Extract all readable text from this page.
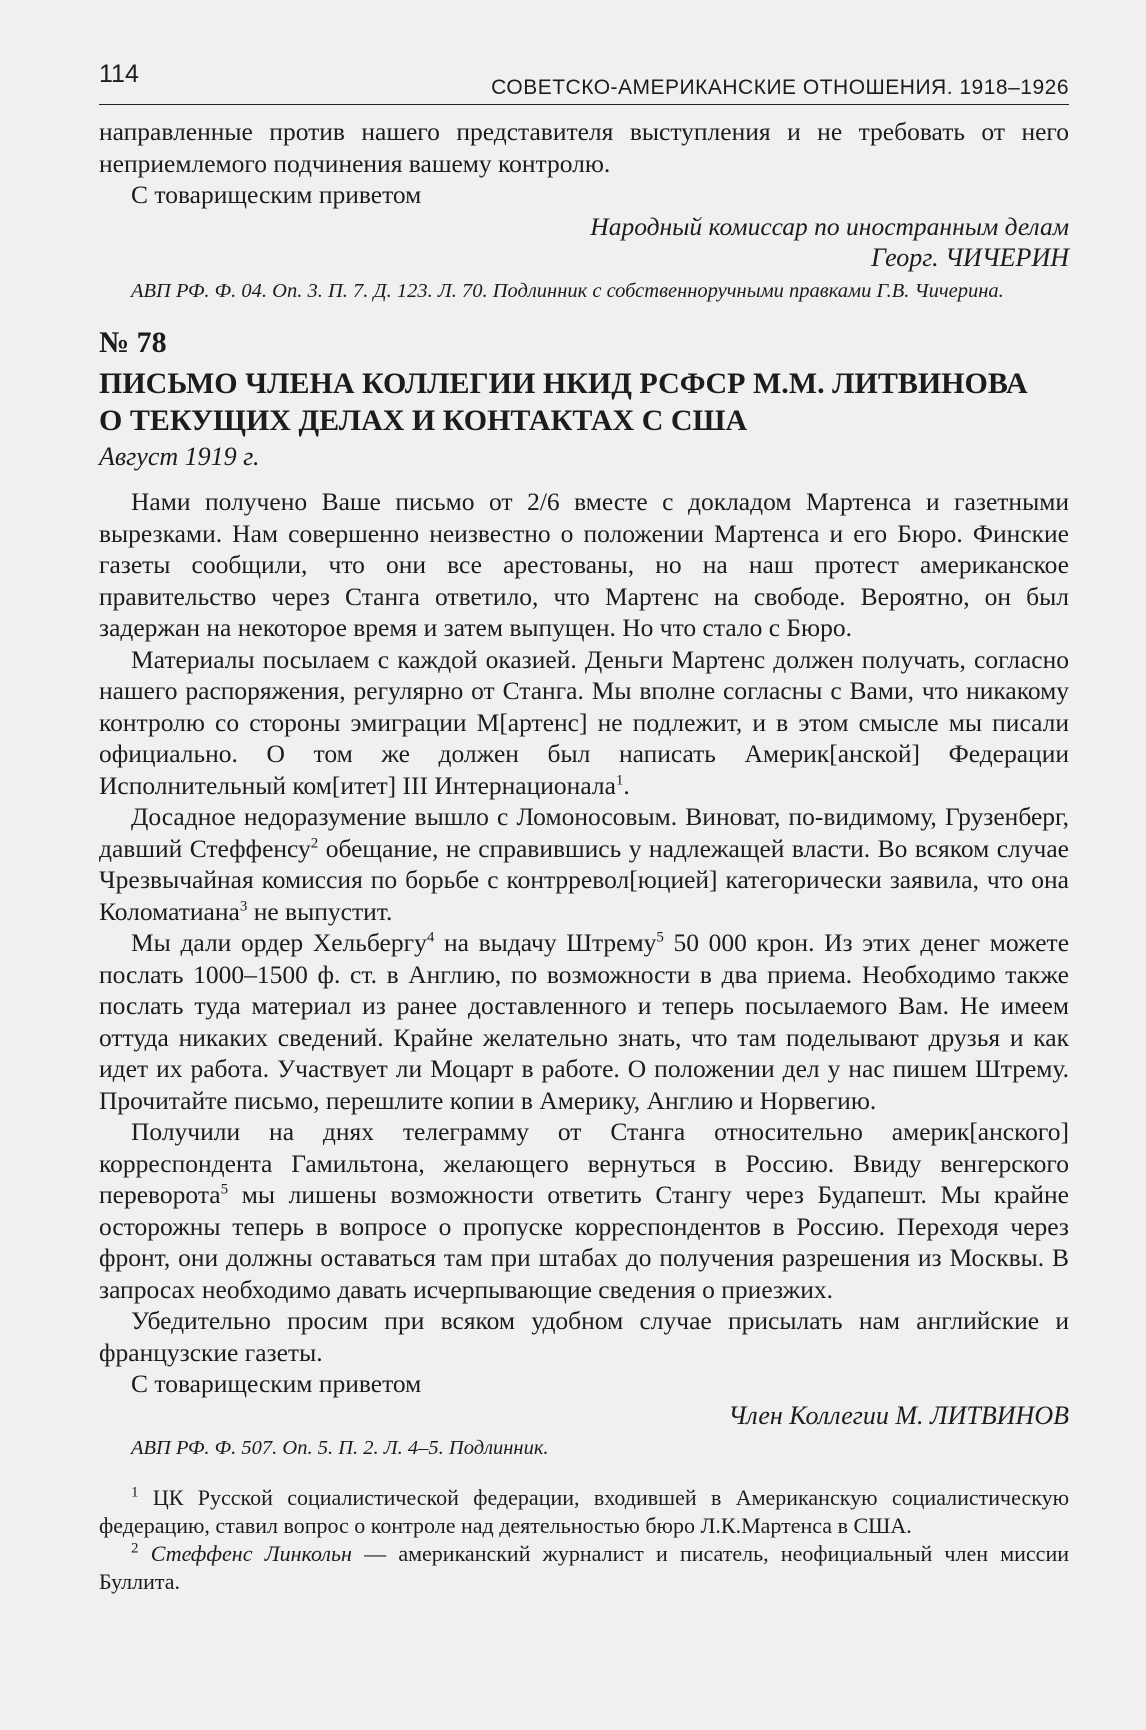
114	СОВЕТСКО-АМЕРИКАНСКИЕ ОТНОШЕНИЯ. 1918–1926

направленные против нашего представителя выступления и не требовать от него неприемлемого подчинения вашему контролю.

С товарищеским приветом

Народный комиссар по иностранным делам

Георг. ЧИЧЕРИН

АВП РФ. Ф. 04. Оп. 3. П. 7. Д. 123. Л. 70. Подлинник с собственноручными правками Г.В. Чичерина.

№ 78

ПИСЬМО ЧЛЕНА КОЛЛЕГИИ НКИД РСФСР М.М. ЛИТВИНОВА

О ТЕКУЩИХ ДЕЛАХ И КОНТАКТАХ С США

Август 1919 г.

Нами получено Ваше письмо от 2/6 вместе с докладом Мартенса и газетными вырезками. Нам совершенно неизвестно о положении Мартенса и его Бюро. Финские газеты сообщили, что они все арестованы, но на наш протест американское правительство через Станга ответило, что Мартенс на свободе. Вероятно, он был задержан на некоторое время и затем выпущен. Но что стало с Бюро.

Материалы посылаем с каждой оказией. Деньги Мартенс должен получать, согласно нашего распоряжения, регулярно от Станга. Мы вполне согласны с Вами, что никакому контролю со стороны эмиграции М[артенс] не подлежит, и в этом смысле мы писали официально. О том же должен был написать Америк[анской] Федерации Исполнительный ком[итет] III Интернационала$^1$.

Досадное недоразумение вышло с Ломоносовым. Виноват, по-видимому, Грузенберг, давший Стеффенсу$^2$ обещание, не справившись у надлежащей власти. Во всяком случае Чрезвычайная комиссия по борьбе с контрревол[юцией] категорически заявила, что она Коломатиана$^3$ не выпустит.

Мы дали ордер Хельбергу$^4$ на выдачу Штрему$^5$ 50 000 крон. Из этих денег можете послать 1000–1500 ф. ст. в Англию, по возможности в два приема. Необходимо также послать туда материал из ранее доставленного и теперь посылаемого Вам. Не имеем оттуда никаких сведений. Крайне желательно знать, что там поделывают друзья и как идет их работа. Участвует ли Моцарт в работе. О положении дел у нас пишем Штрему. Прочитайте письмо, перешлите копии в Америку, Англию и Норвегию.

Получили на днях телеграмму от Станга относительно америк[анского] корреспондента Гамильтона, желающего вернуться в Россию. Ввиду венгерского переворота$^5$ мы лишены возможности ответить Стангу через Будапешт. Мы крайне осторожны теперь в вопросе о пропуске корреспондентов в Россию. Переходя через фронт, они должны оставаться там при штабах до получения разрешения из Москвы. В запросах необходимо давать исчерпывающие сведения о приезжих.

Убедительно просим при всяком удобном случае присылать нам английские и французские газеты.

С товарищеским приветом

Член Коллегии М. ЛИТВИНОВ

АВП РФ. Ф. 507. Оп. 5. П. 2. Л. 4–5. Подлинник.

$^1$ ЦК Русской социалистической федерации, входившей в Американскую социалистическую федерацию, ставил вопрос о контроле над деятельностью бюро Л.К.Мартенса в США.

$^2$ Стеффенс Линкольн — американский журналист и писатель, неофициальный член миссии Буллита.
